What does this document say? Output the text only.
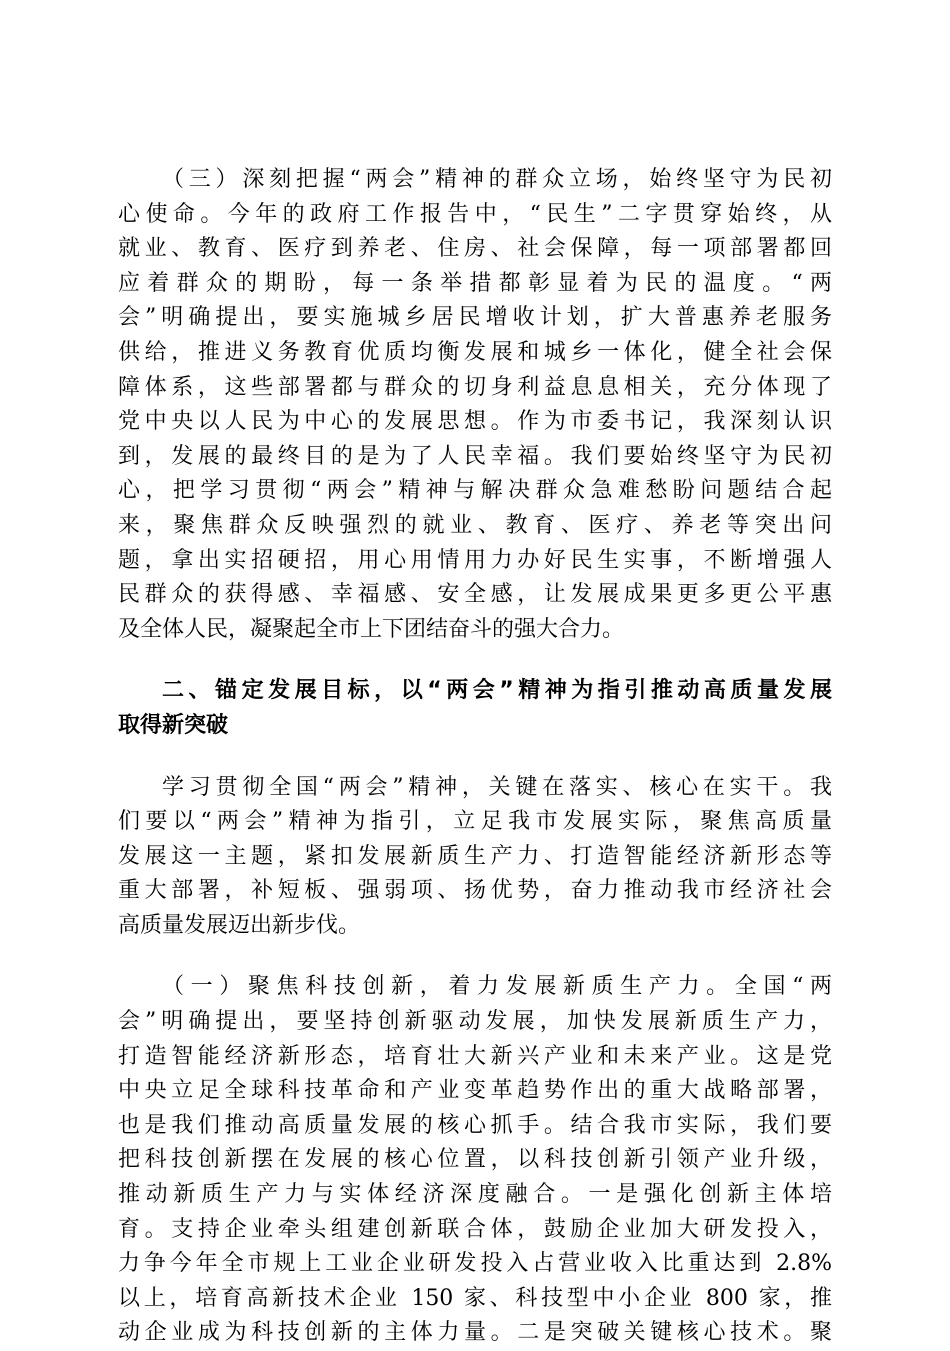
（三）深刻把握“两会”精神的群众立场，始终坚守为民初
心使命。今年的政府工作报告中，“民生”二字贯穿始终，从
就业、教育、医疗到养老、住房、社会保障，每一项部署都回
应着群众的期盼，每一条举措都彰显着为民的温度。“两
会”明确提出，要实施城乡居民增收计划，扩大普惠养老服务
供给，推进义务教育优质均衡发展和城乡一体化，健全社会保
障体系，这些部署都与群众的切身利益息息相关，充分体现了
党中央以人民为中心的发展思想。作为市委书记，我深刻认识
到，发展的最终目的是为了人民幸福。我们要始终坚守为民初
心，把学习贯彻“两会”精神与解决群众急难愁盼问题结合起
来，聚焦群众反映强烈的就业、教育、医疗、养老等突出问
题，拿出实招硬招，用心用情用力办好民生实事，不断增强人
民群众的获得感、幸福感、安全感，让发展成果更多更公平惠
及全体人民，凝聚起全市上下团结奋斗的强大合力。
二、锚定发展目标，以“两会”精神为指引推动高质量发展
取得新突破
学习贯彻全国“两会”精神，关键在落实、核心在实干。我
们要以“两会”精神为指引，立足我市发展实际，聚焦高质量
发展这一主题，紧扣发展新质生产力、打造智能经济新形态等
重大部署，补短板、强弱项、扬优势，奋力推动我市经济社会
高质量发展迈出新步伐。
（一）聚焦科技创新，着力发展新质生产力。全国“两
会”明确提出，要坚持创新驱动发展，加快发展新质生产力，
打造智能经济新形态，培育壮大新兴产业和未来产业。这是党
中央立足全球科技革命和产业变革趋势作出的重大战略部署，
也是我们推动高质量发展的核心抓手。结合我市实际，我们要
把科技创新摆在发展的核心位置，以科技创新引领产业升级，
推动新质生产力与实体经济深度融合。一是强化创新主体培
育。支持企业牵头组建创新联合体，鼓励企业加大研发投入，
力争今年全市规上工业企业研发投入占营业收入比重达到 2.8%
以上，培育高新技术企业 150 家、科技型中小企业 800 家，推
动企业成为科技创新的主体力量。二是突破关键核心技术。聚
